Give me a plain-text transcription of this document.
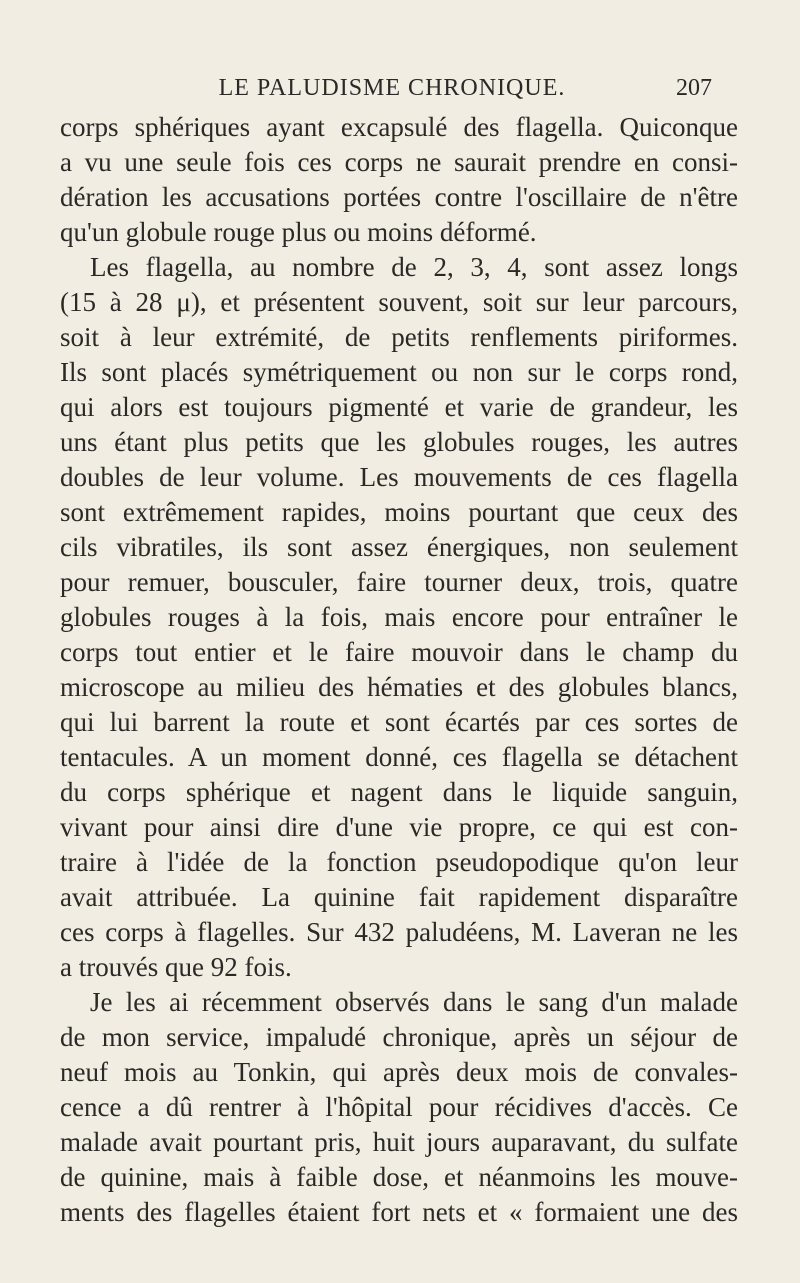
LE PALUDISME CHRONIQUE.	207
corps sphériques ayant excapsulé des flagella. Quiconque
a vu une seule fois ces corps ne saurait prendre en consi-
dération les accusations portées contre l'oscillaire de n'être
qu'un globule rouge plus ou moins déformé.
Les flagella, au nombre de 2, 3, 4, sont assez longs
(15 à 28 μ), et présentent souvent, soit sur leur parcours,
soit à leur extrémité, de petits renflements piriformes.
Ils sont placés symétriquement ou non sur le corps rond,
qui alors est toujours pigmenté et varie de grandeur, les
uns étant plus petits que les globules rouges, les autres
doubles de leur volume. Les mouvements de ces flagella
sont extrêmement rapides, moins pourtant que ceux des
cils vibratiles, ils sont assez énergiques, non seulement
pour remuer, bousculer, faire tourner deux, trois, quatre
globules rouges à la fois, mais encore pour entraîner le
corps tout entier et le faire mouvoir dans le champ du
microscope au milieu des hématies et des globules blancs,
qui lui barrent la route et sont écartés par ces sortes de
tentacules. A un moment donné, ces flagella se détachent
du corps sphérique et nagent dans le liquide sanguin,
vivant pour ainsi dire d'une vie propre, ce qui est con-
traire à l'idée de la fonction pseudopodique qu'on leur
avait attribuée. La quinine fait rapidement disparaître
ces corps à flagelles. Sur 432 paludéens, M. Laveran ne les
a trouvés que 92 fois.
Je les ai récemment observés dans le sang d'un malade
de mon service, impaludé chronique, après un séjour de
neuf mois au Tonkin, qui après deux mois de convales-
cence a dû rentrer à l'hôpital pour récidives d'accès. Ce
malade avait pourtant pris, huit jours auparavant, du sulfate
de quinine, mais à faible dose, et néanmoins les mouve-
ments des flagelles étaient fort nets et « formaient une des
